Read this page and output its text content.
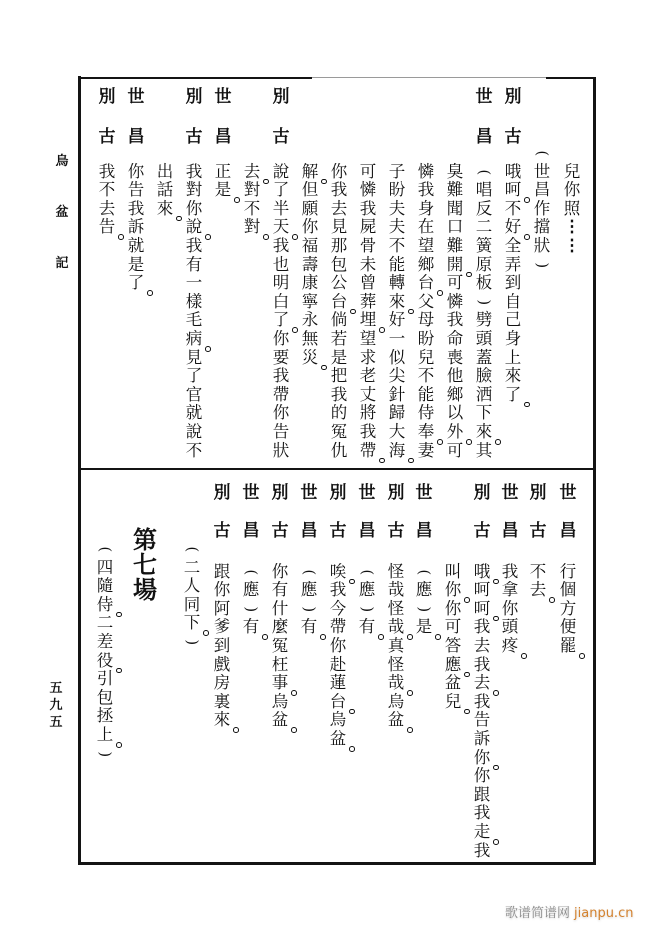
烏
盆
記
五
九
五
兒
你
照
⋮
⋮
(
世
昌
作
擋
狀
)
別
古
哦
呵
不
好
全
弄
到
自
己
身
上
來
了
世
昌
(
唱
反
二
簧
原
板
)
劈
頭
蓋
臉
洒
下
來
其
臭
難
聞
口
難
開
可
憐
我
命
喪
他
鄉
以
外
可
憐
我
身
在
望
鄉
台
父
母
盼
兒
不
能
侍
奉
妻
子
盼
夫
夫
不
能
轉
來
好
一
似
尖
針
歸
大
海
可
憐
我
屍
骨
未
曾
葬
埋
望
求
老
丈
將
我
帶
你
我
去
見
那
包
公
台
倘
若
是
把
我
的
冤
仇
解
但
願
你
福
壽
康
寧
永
無
災
別
古
說
了
半
天
我
也
明
白
了
你
要
我
帶
你
告
狀
去
對
不
對
世
昌
正
是
別
古
我
對
你
說
我
有
一
樣
毛
病
見
了
官
就
說
不
出
話
來
世
昌
你
告
我
訴
就
是
了
別
古
我
不
去
告
世
昌
行
個
方
便
罷
別
古
不
去
世
昌
我
拿
你
頭
疼
別
古
哦
呵
呵
我
去
我
去
我
告
訴
你
你
跟
我
走
我
叫
你
你
可
答
應
盆
兒
世
昌
(
應
)
是
別
古
怪
哉
怪
哉
真
怪
哉
烏
盆
世
昌
(
應
)
有
別
古
唉
我
今
帶
你
赴
蓮
台
烏
盆
世
昌
(
應
)
有
別
古
你
有
什
麼
冤
枉
事
烏
盆
世
昌
(
應
)
有
別
古
跟
你
阿
爹
到
戲
房
裏
來
(
二
人
同
下
)
第
七
場
(
四
隨
侍
二
差
役
引
包
拯
上
)
歌谱简谱网 jianpu.cn
